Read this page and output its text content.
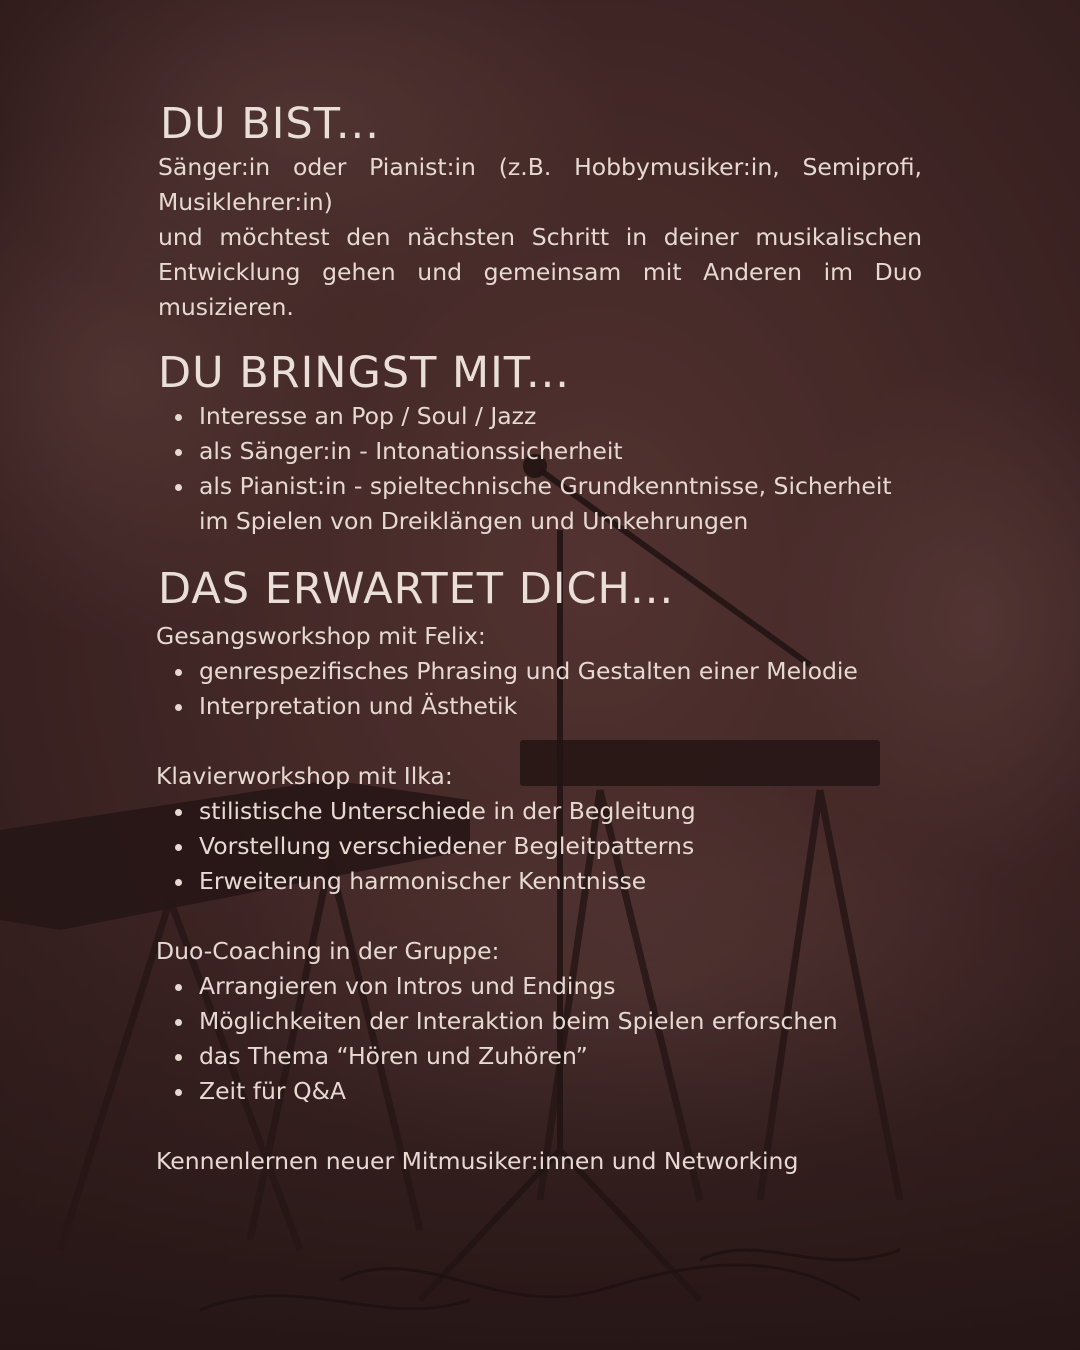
DU BIST...

Sänger:in oder Pianist:in (z.B. Hobbymusiker:in, Semiprofi, Musiklehrer:in)

und möchtest den nächsten Schritt in deiner musikalischen Entwicklung gehen und gemeinsam mit Anderen im Duo musizieren.

DU BRINGST MIT...
Interesse an Pop / Soul / Jazz
als Sänger:in - Intonationssicherheit
als Pianist:in - spieltechnische Grundkenntnisse, Sicherheit im Spielen von Dreiklängen und Umkehrungen
DAS ERWARTET DICH...
Gesangsworkshop mit Felix:
genrespezifisches Phrasing und Gestalten einer Melodie
Interpretation und Ästhetik
Klavierworkshop mit Ilka:
stilistische Unterschiede in der Begleitung
Vorstellung verschiedener Begleitpatterns
Erweiterung harmonischer Kenntnisse
Duo-Coaching in der Gruppe:
Arrangieren von Intros und Endings
Möglichkeiten der Interaktion beim Spielen erforschen
das Thema “Hören und Zuhören”
Zeit für Q&A
Kennenlernen neuer Mitmusiker:innen und Networking
